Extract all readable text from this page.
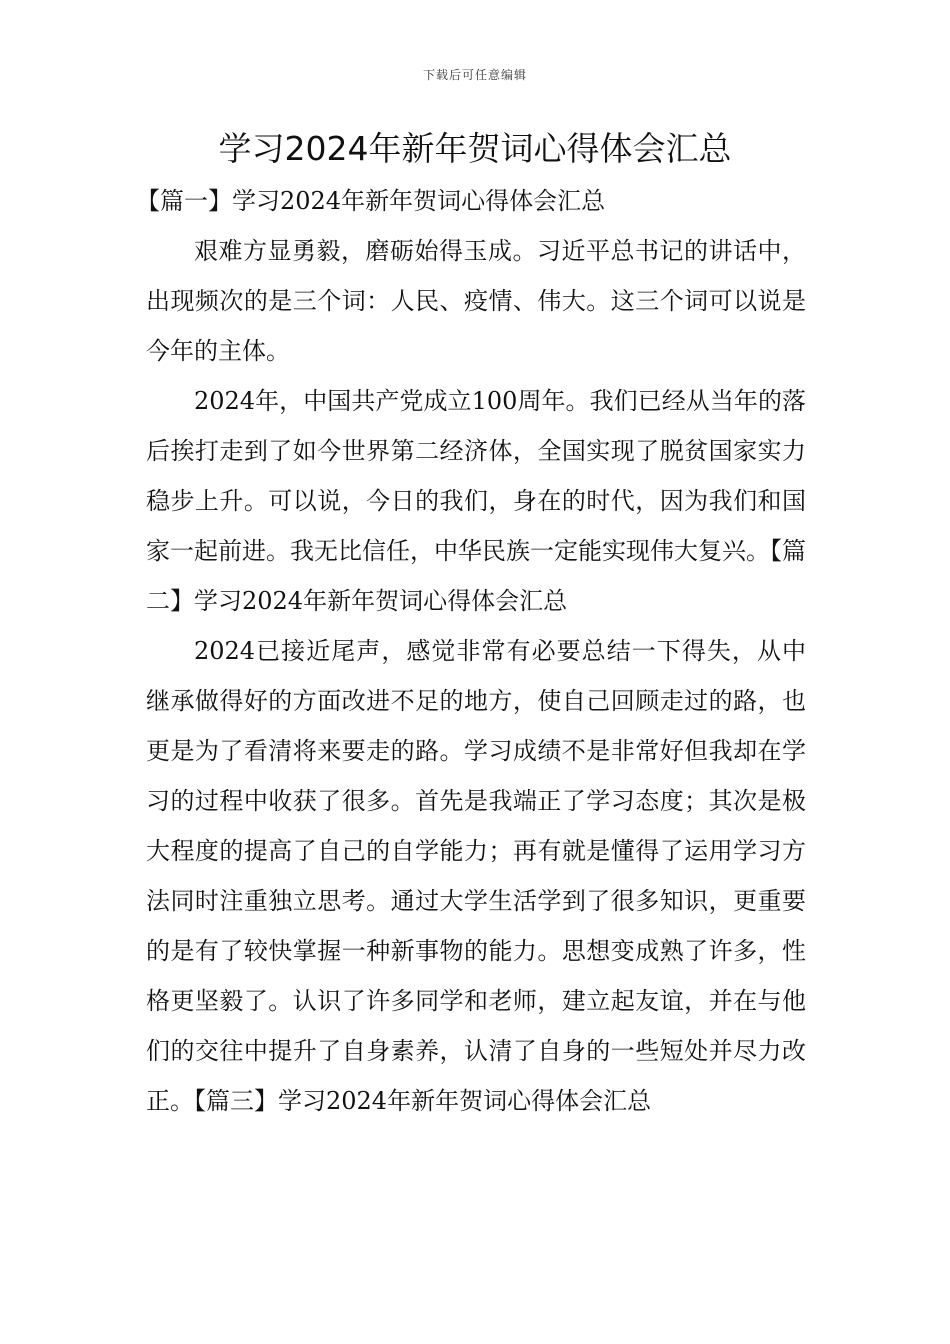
下载后可任意编辑
学习2024年新年贺词心得体会汇总
【篇一】学习2024年新年贺词心得体会汇总

艰难方显勇毅，磨砺始得玉成。习近平总书记的讲话中，出现频次的是三个词：人民、疫情、伟大。这三个词可以说是今年的主体。

2024年，中国共产党成立100周年。我们已经从当年的落后挨打走到了如今世界第二经济体，全国实现了脱贫国家实力稳步上升。可以说，今日的我们，身在的时代，因为我们和国家一起前进。我无比信任，中华民族一定能实现伟大复兴。【篇二】学习2024年新年贺词心得体会汇总

2024已接近尾声，感觉非常有必要总结一下得失，从中继承做得好的方面改进不足的地方，使自己回顾走过的路，也更是为了看清将来要走的路。学习成绩不是非常好但我却在学习的过程中收获了很多。首先是我端正了学习态度；其次是极大程度的提高了自己的自学能力；再有就是懂得了运用学习方法同时注重独立思考。通过大学生活学到了很多知识，更重要的是有了较快掌握一种新事物的能力。思想变成熟了许多，性格更坚毅了。认识了许多同学和老师，建立起友谊，并在与他们的交往中提升了自身素养，认清了自身的一些短处并尽力改正。【篇三】学习2024年新年贺词心得体会汇总
